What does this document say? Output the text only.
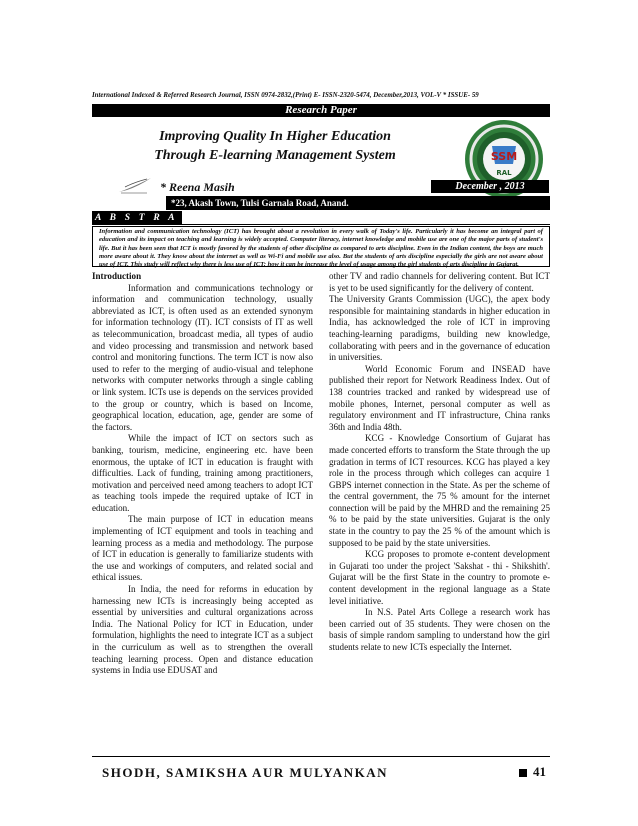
International Indexed & Referred Research Journal, ISSN 0974-2832,(Print) E- ISSN-2320-5474, December,2013, VOL-V * ISSUE- 59
Research Paper
Improving Quality In Higher Education
Through E-learning Management System	SSM
RAL
* Reena Masih	December , 2013
*23, Akash Town, Tulsi Garnala Road, Anand.
A B S T R A C T
Information and communication technology (ICT) has brought about a revolution in every walk of Today's life. Particularly it has become an integral part of education and its impact on teaching and learning is widely accepted. Computer literacy, internet knowledge and mobile use are one of the major parts of student's life. But it has been seen that ICT is mostly favored by the students of other discipline as compared to arts discipline. Even in the Indian content, the boys are much more aware about it. They know about the internet as well as Wi-Fi and mobile use also. But the students of arts discipline especially the girls are not aware about use of ICT. This study will reflect why there is less use of ICT; how it can be increase the level of usage among the girl students of arts discipline in Gujarat.

Introduction

Information and communications technology or information and communication technology, usually abbreviated as ICT, is often used as an extended synonym for information technology (IT). ICT consists of IT as well as telecommunication, broadcast media, all types of audio and video processing and transmission and network based control and monitoring functions. The term ICT is now also used to refer to the merging of audio-visual and telephone networks with computer networks through a single cabling or link system. ICTs use is depends on the services provided to the group or country, which is based on Income, geographical location, education, age, gender are some of the factors.

While the impact of ICT on sectors such as banking, tourism, medicine, engineering etc. have been enormous, the uptake of ICT in education is fraught with difficulties. Lack of funding, training among practitioners, motivation and perceived need among teachers to adopt ICT as teaching tools impede the required uptake of ICT in education.

The main purpose of ICT in education means implementing of ICT equipment and tools in teaching and learning process as a media and methodology. The purpose of ICT in education is generally to familiarize students with the use and workings of computers, and related social and ethical issues.

In India, the need for reforms in education by harnessing new ICTs is increasingly being accepted as essential by universities and cultural organizations across India. The National Policy for ICT in Education, under formulation, highlights the need to integrate ICT as a subject in the curriculum as well as to strengthen the overall teaching learning process. Open and distance education systems in India use EDUSAT and

other TV and radio channels for delivering content. But ICT is yet to be used significantly for the delivery of content.

The University Grants Commission (UGC), the apex body responsible for maintaining standards in higher education in India, has acknowledged the role of ICT in improving teaching-learning paradigms, building new knowledge, collaborating with peers and in the governance of education in universities.

World Economic Forum and INSEAD have published their report for Network Readiness Index. Out of 138 countries tracked and ranked by widespread use of mobile phones, Internet, personal computer as well as regulatory environment and IT infrastructure, China ranks 36th and India 48th.

KCG - Knowledge Consortium of Gujarat has made concerted efforts to transform the State through the up gradation in terms of ICT resources. KCG has played a key role in the process through which colleges can acquire 1 GBPS internet connection in the State. As per the scheme of the central government, the 75 % amount for the internet connection will be paid by the MHRD and the remaining 25 % to be paid by the state universities. Gujarat is the only state in the country to pay the 25 % of the amount which is supposed to be paid by the state universities.

KCG proposes to promote e-content development in Gujarati too under the project 'Sakshat - thi - Shikshith'. Gujarat will be the first State in the country to promote e-content development in the regional language as a State level initiative.

In N.S. Patel Arts College a research work has been carried out of 35 students. They were chosen on the basis of simple random sampling to understand how the girl students relate to new ICTs especially the Internet.

SHODH, SAMIKSHA AUR MULYANKAN	41
